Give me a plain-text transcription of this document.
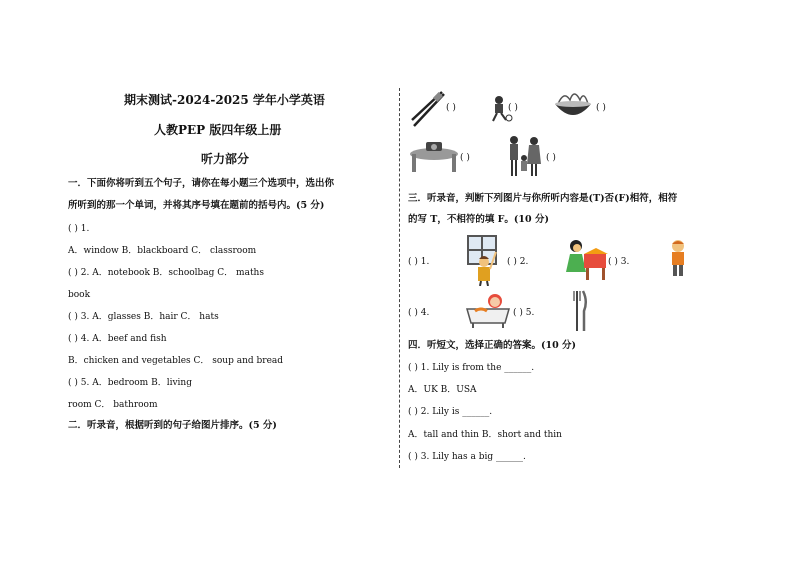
期末测试-2024-2025 学年小学英语
人教PEP 版四年级上册
听力部分
一．下面你将听到五个句子，请你在每小题三个选项中，选出你
所听到的那一个单词，并将其序号填在题前的括号内。(5 分)
( ) 1.
A．window B．blackboard C． classroom
( ) 2. A．notebook B．schoolbag C． maths
book
( ) 3. A．glasses B．hair C． hats
( ) 4. A．beef and fish
B．chicken and vegetables C． soup and bread
( ) 5. A．bedroom B．living
room C． bathroom
二．听录音，根据听到的句子给图片排序。(5 分)
( )	( )	( )
( )	( )
三．听录音，判断下列图片与你所听内容是(T)否(F)相符，相符
的写 T，不相符的填 F。(10 分)
( ) 1.	( ) 2.	( ) 3.
( ) 4.	( ) 5.
四．听短文，选择正确的答案。(10 分)
( ) 1. Lily is from the ______.
A．UK B．USA
( ) 2. Lily is ______.
A．tall and thin B．short and thin
( ) 3. Lily has a big ______.
